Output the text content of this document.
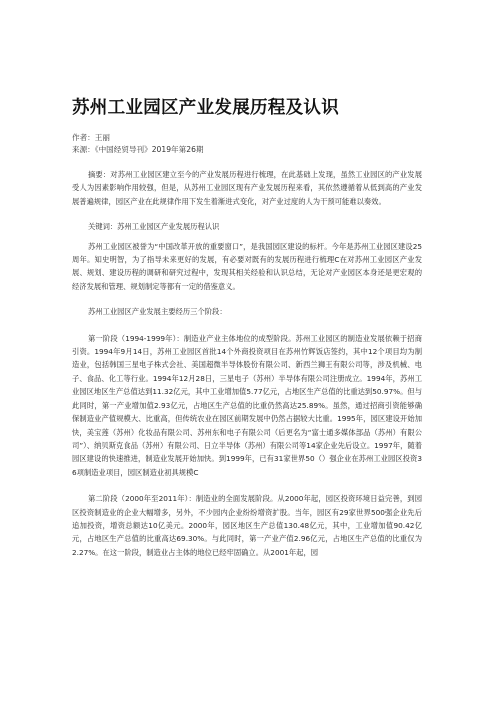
苏州工业园区产业发展历程及认识
作者：王丽
来源：《中国经贸导刊》2019年第26期

摘要：对苏州工业园区建立至今的产业发展历程进行梳理，在此基础上发现，虽然工业园区的产业发展受人为因素影响作用较强，但是，从苏州工业园区现有产业发展历程来看，其依然遵循着从低到高的产业发展普遍规律，园区产业在此规律作用下发生着渐进式变化，对产业过度的人为干预可能难以奏效。

关键词：苏州工业园区产业发展历程认识

苏州工业园区被誉为“中国改革开放的重要窗口”，是我国园区建设的标杆。今年是苏州工业园区建设25周年。知史明智，为了指导未来更好的发展，有必要对既有的发展历程进行梳理C在对苏州工业园区产业发展、规划、建设历程的调研和研究过程中，发现其相关经验和认识总结，无论对产业园区本身还是更宏观的经济发展和管理、规划制定等都有一定的借鉴意义。

苏州工业园区产业发展主要经历三个阶段：

第一阶段（1994-1999年）：制造业产业主体地位的成型阶段。苏州工业园区的制造业发展依赖于招商引资。1994年9月14日，苏州工业园区首批14个外商投资项目在苏州竹辉饭店签约，其中12个项目均为制造业，包括韩国三星电子株式会社、美国超微半导体股份有限公司、新西兰狮王有限公司等，涉及机械、电子、食品、化工等行业。1994年12月28日，三星电子（苏州）半导体有限公司注册成立。1994年，苏州工业园区地区生产总值达到11.32亿元，其中工业增加值5.77亿元，占地区生产总值的比重达到50.97%。但与此同时，第一产业增加值2.93亿元，占地区生产总值的比重仍然高达25.89%。虽然，通过招商引资能够确保制造业产值规模大、比重高，但传统农业在园区前期发展中仍然占据较大比重。1995年，园区建设开始加快，美宝莲（苏州）化妆品有限公司、苏州东和电子有限公司（后更名为“富士通多媒体部品（苏州）有限公司”）、纳贝斯克食品（苏州）有限公司、日立半导体（苏州）有限公司等14家企业先后设立。1997年，随着园区建设的快速推进，制造业发展开始加快。到1999年，已有31家世界50（）强企业在苏州工业园区投资36项制造业项目，园区制造业初具规模C

第二阶段（2000年至2011年）：制造业的全面发展阶段。从2000年起，园区投资环境日益完善，到园区投资制造业的企业大幅增多，另外，不少园内企业纷纷增资扩股。当年，园区有29家世界500强企业先后追加投资，增资总额达10亿美元。2000年，园区地区生产总值130.48亿元，其中，工业增加值90.42亿元，占地区生产总值的比重高达69.30%。与此同时，第一产业产值2.96亿元，占地区生产总值的比重仅为2.27%。在这一阶段，制造业占主体的地位已经牢固确立。从2001年起，园
